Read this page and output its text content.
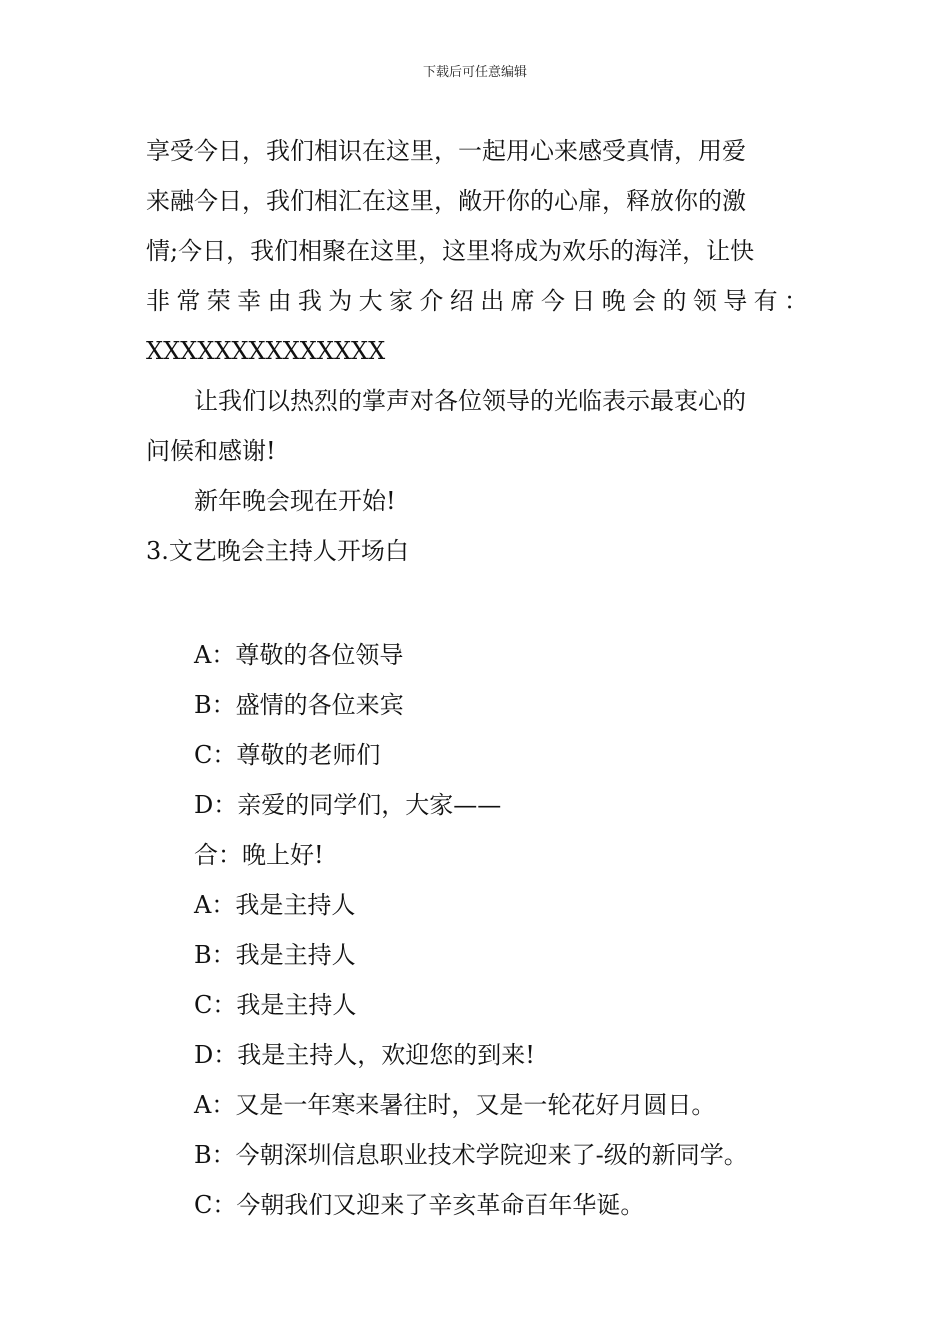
下载后可任意编辑

享受今日，我们相识在这里，一起用心来感受真情，用爱

来融今日，我们相汇在这里，敞开你的心扉，释放你的激

情;今日，我们相聚在这里，这里将成为欢乐的海洋，让快

非常荣幸由我为大家介绍出席今日晚会的领导有：

XXXXXXXXXXXXXX

让我们以热烈的掌声对各位领导的光临表示最衷心的

问候和感谢!

新年晚会现在开始!

3.文艺晚会主持人开场白

A：尊敬的各位领导

B：盛情的各位来宾

C：尊敬的老师们

D：亲爱的同学们，大家——

合：晚上好!

A：我是主持人

B：我是主持人

C：我是主持人

D：我是主持人，欢迎您的到来!

A：又是一年寒来暑往时，又是一轮花好月圆日。

B：今朝深圳信息职业技术学院迎来了-级的新同学。

C：今朝我们又迎来了辛亥革命百年华诞。
